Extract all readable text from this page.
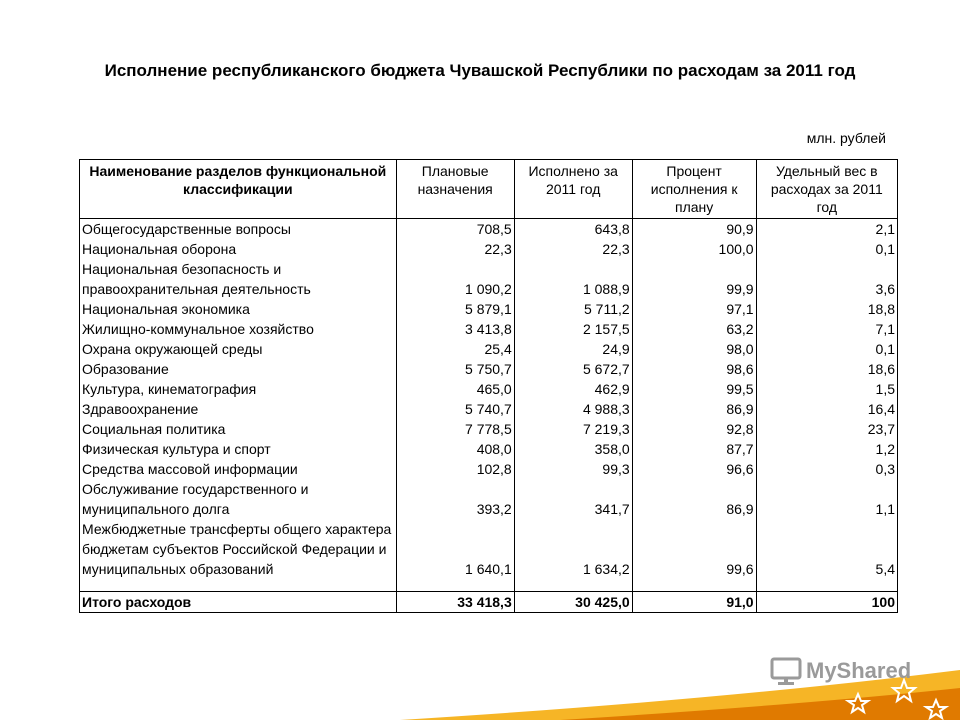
Исполнение республиканского бюджета Чувашской Республики по расходам за 2011 год
млн. рублей
Наименование разделов функциональной классификации	Плановые назначения	Исполнено за 2011 год	Процент исполнения к плану	Удельный вес в расходах за 2011 год
Общегосударственные вопросы	708,5	643,8	90,9	2,1
Национальная оборона	22,3	22,3	100,0	0,1
Национальная безопасность и правоохранительная деятельность	1 090,2	1 088,9	99,9	3,6
Национальная экономика	5 879,1	5 711,2	97,1	18,8
Жилищно-коммунальное хозяйство	3 413,8	2 157,5	63,2	7,1
Охрана окружающей среды	25,4	24,9	98,0	0,1
Образование	5 750,7	5 672,7	98,6	18,6
Культура, кинематография	465,0	462,9	99,5	1,5
Здравоохранение	5 740,7	4 988,3	86,9	16,4
Социальная политика	7 778,5	7 219,3	92,8	23,7
Физическая культура и спорт	408,0	358,0	87,7	1,2
Средства массовой информации	102,8	99,3	96,6	0,3
Обслуживание государственного и муниципального долга	393,2	341,7	86,9	1,1
Межбюджетные трансферты общего характера бюджетам субъектов Российской Федерации и муниципальных образований	1 640,1	1 634,2	99,6	5,4

Итого расходов	33 418,3	30 425,0	91,0	100
MyShared
